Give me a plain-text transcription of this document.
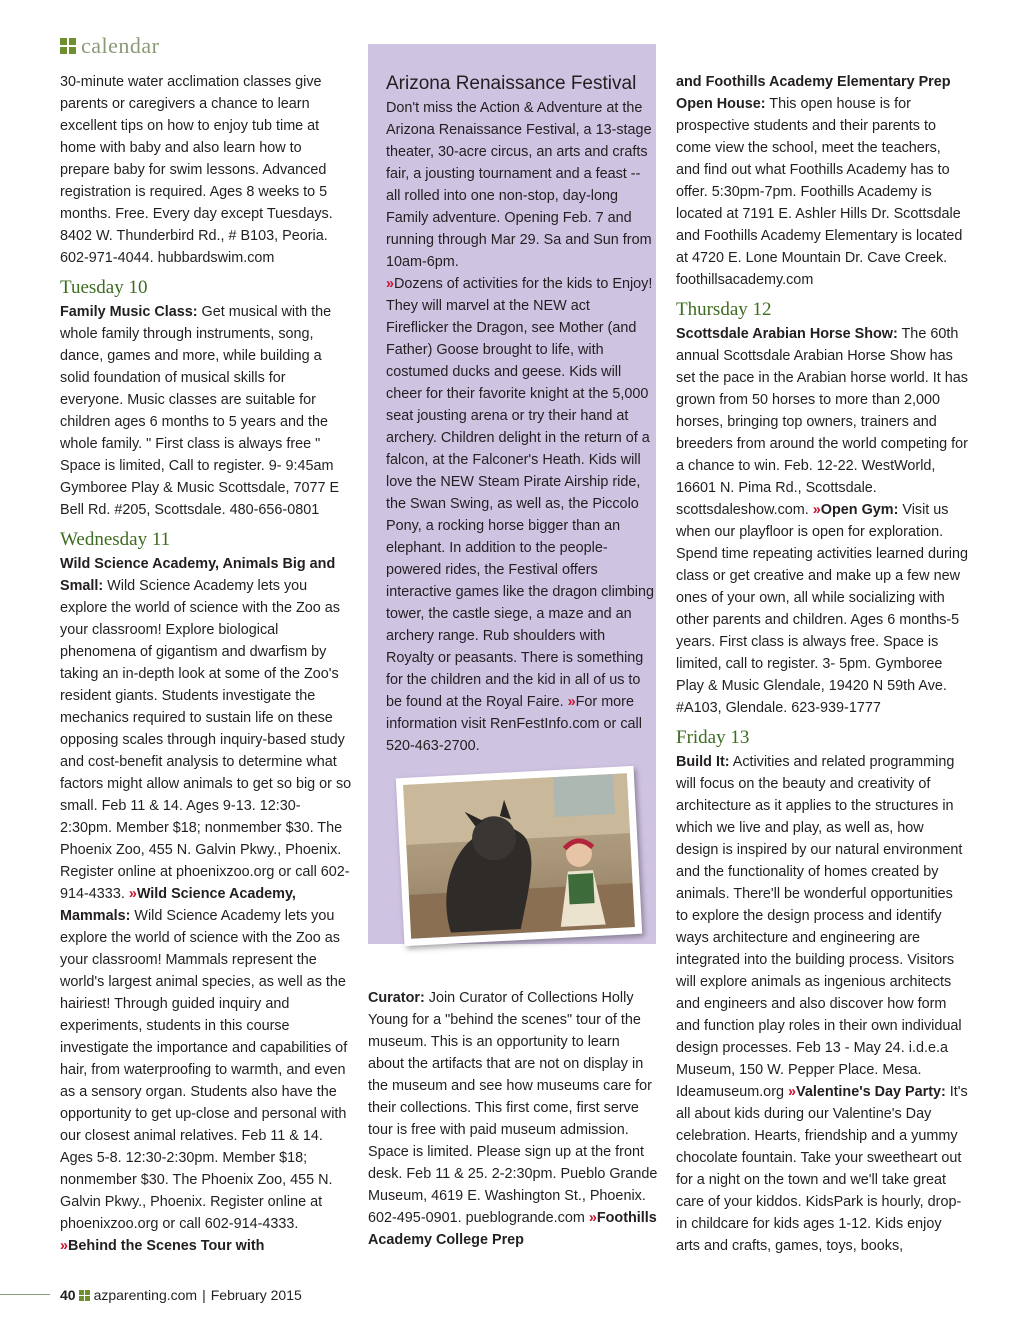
calendar

30-minute water acclimation classes give parents or caregivers a chance to learn excellent tips on how to enjoy tub time at home with baby and also learn how to prepare baby for swim lessons. Advanced registration is required. Ages 8 weeks to 5 months. Free. Every day except Tuesdays. 8402 W. Thunderbird Rd., # B103, Peoria. 602-971-4044. hubbardswim.com

Tuesday 10

Family Music Class: Get musical with the whole family through instruments, song, dance, games and more, while building a solid foundation of musical skills for everyone. Music classes are suitable for children ages 6 months to 5 years and the whole family. " First class is always free " Space is limited, Call to register. 9- 9:45am Gymboree Play & Music Scottsdale, 7077 E Bell Rd. #205, Scottsdale. 480-656-0801

Wednesday 11

Wild Science Academy, Animals Big and Small: Wild Science Academy lets you explore the world of science with the Zoo as your classroom! Explore biological phenomena of gigantism and dwarfism by taking an in-depth look at some of the Zoo's resident giants. Students investigate the mechanics required to sustain life on these opposing scales through inquiry-based study and cost-benefit analysis to determine what factors might allow animals to get so big or so small. Feb 11 & 14. Ages 9-13. 12:30-2:30pm. Member $18; nonmember $30. The Phoenix Zoo, 455 N. Galvin Pkwy., Phoenix. Register online at phoenixzoo.org or call 602-914-4333. »Wild Science Academy, Mammals: Wild Science Academy lets you explore the world of science with the Zoo as your classroom! Mammals represent the world's largest animal species, as well as the hairiest! Through guided inquiry and experiments, students in this course investigate the importance and capabilities of hair, from waterproofing to warmth, and even as a sensory organ. Students also have the opportunity to get up-close and personal with our closest animal relatives. Feb 11 & 14. Ages 5-8. 12:30-2:30pm. Member $18; nonmember $30. The Phoenix Zoo, 455 N. Galvin Pkwy., Phoenix. Register online at phoenixzoo.org or call 602-914-4333. »Behind the Scenes Tour with

Arizona Renaissance Festival

Don't miss the Action & Adventure at the Arizona Renaissance Festival, a 13-stage theater, 30-acre circus, an arts and crafts fair, a jousting tournament and a feast -- all rolled into one non-stop, day-long Family adventure. Opening Feb. 7 and running through Mar 29. Sa and Sun from 10am-6pm.
»Dozens of activities for the kids to Enjoy! They will marvel at the NEW act Fireflicker the Dragon, see Mother (and Father) Goose brought to life, with costumed ducks and geese. Kids will cheer for their favorite knight at the 5,000 seat jousting arena or try their hand at archery. Children delight in the return of a falcon, at the Falconer's Heath. Kids will love the NEW Steam Pirate Airship ride, the Swan Swing, as well as, the Piccolo Pony, a rocking horse bigger than an elephant. In addition to the people-powered rides, the Festival offers interactive games like the dragon climbing tower, the castle siege, a maze and an archery range. Rub shoulders with Royalty or peasants. There is something for the children and the kid in all of us to be found at the Royal Faire. »For more information visit RenFestInfo.com or call 520-463-2700.

Curator: Join Curator of Collections Holly Young for a "behind the scenes" tour of the museum. This is an opportunity to learn about the artifacts that are not on display in the museum and see how museums care for their collections. This first come, first serve tour is free with paid museum admission. Space is limited. Please sign up at the front desk. Feb 11 & 25. 2-2:30pm. Pueblo Grande Museum, 4619 E. Washington St., Phoenix. 602-495-0901. pueblogrande.com »Foothills Academy College Prep

and Foothills Academy Elementary Prep Open House: This open house is for prospective students and their parents to come view the school, meet the teachers, and find out what Foothills Academy has to offer. 5:30pm-7pm. Foothills Academy is located at 7191 E. Ashler Hills Dr. Scottsdale and Foothills Academy Elementary is located at 4720 E. Lone Mountain Dr. Cave Creek. foothillsacademy.com

Thursday 12

Scottsdale Arabian Horse Show: The 60th annual Scottsdale Arabian Horse Show has set the pace in the Arabian horse world. It has grown from 50 horses to more than 2,000 horses, bringing top owners, trainers and breeders from around the world competing for a chance to win. Feb. 12-22. WestWorld, 16601 N. Pima Rd., Scottsdale. scottsdaleshow.com. »Open Gym: Visit us when our playfloor is open for exploration. Spend time repeating activities learned during class or get creative and make up a few new ones of your own, all while socializing with other parents and children. Ages 6 months-5 years. First class is always free. Space is limited, call to register. 3- 5pm. Gymboree Play & Music Glendale, 19420 N 59th Ave. #A103, Glendale. 623-939-1777

Friday 13

Build It: Activities and related programming will focus on the beauty and creativity of architecture as it applies to the structures in which we live and play, as well as, how design is inspired by our natural environment and the functionality of homes created by animals. There'll be wonderful opportunities to explore the design process and identify ways architecture and engineering are integrated into the building process. Visitors will explore animals as ingenious architects and engineers and also discover how form and function play roles in their own individual design processes. Feb 13 - May 24. i.d.e.a Museum, 150 W. Pepper Place. Mesa. Ideamuseum.org »Valentine's Day Party: It's all about kids during our Valentine's Day celebration. Hearts, friendship and a yummy chocolate fountain. Take your sweetheart out for a night on the town and we'll take great care of your kiddos. KidsPark is hourly, drop-in childcare for kids ages 1-12. Kids enjoy arts and crafts, games, toys, books,

40 azparenting.com | February 2015
